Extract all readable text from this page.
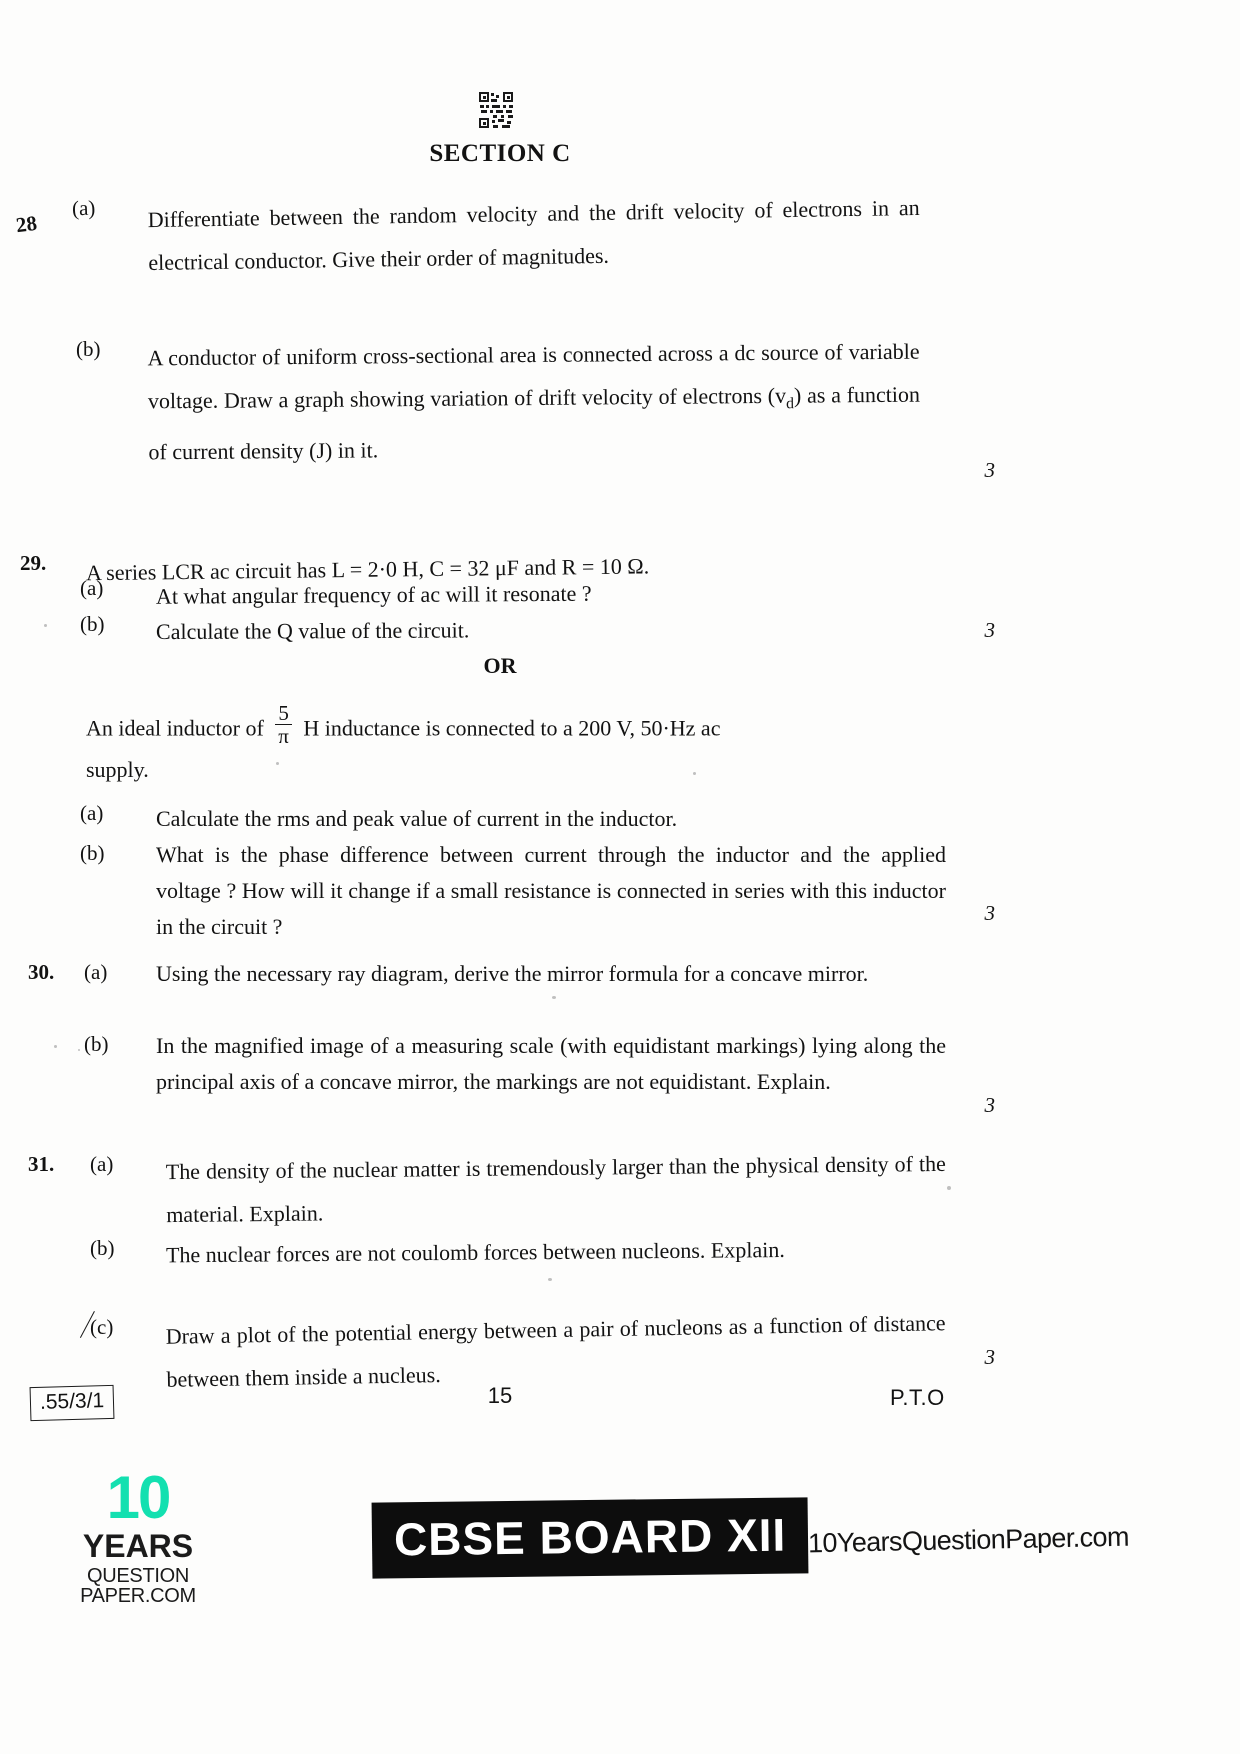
SECTION C
28
(a) Differentiate between the random velocity and the drift velocity of electrons in an electrical conductor. Give their order of magnitudes.
(b) A conductor of uniform cross-sectional area is connected across a dc source of variable voltage. Draw a graph showing variation of drift velocity of electrons $(v_d)$ as a function of current density (J) in it.
3
29. A series LCR ac circuit has L = 2·0 H, C = 32 μF and R = 10 Ω.
(a) At what angular frequency of ac will it resonate ?
(b) Calculate the Q value of the circuit.	3
OR
An ideal inductor of $\frac{5}{\pi}$ H inductance is connected to a 200 V, 50·Hz ac
supply.
(a) Calculate the rms and peak value of current in the inductor.
(b) What is the phase difference between current through the inductor and the applied voltage ? How will it change if a small resistance is connected in series with this inductor in the circuit ?
3
30. (a) Using the necessary ray diagram, derive the mirror formula for a concave mirror.
(b) In the magnified image of a measuring scale (with equidistant markings) lying along the principal axis of a concave mirror, the markings are not equidistant. Explain.
3
31. (a) The density of the nuclear matter is tremendously larger than the physical density of the material. Explain.
(b) The nuclear forces are not coulomb forces between nucleons. Explain.
(c) Draw a plot of the potential energy between a pair of nucleons as a function of distance between them inside a nucleus.
3
.55/3/1	15	P.T.O
10
YEARS
QUESTION PAPER.COM
CBSE BOARD XII 10YearsQuestionPaper.com
